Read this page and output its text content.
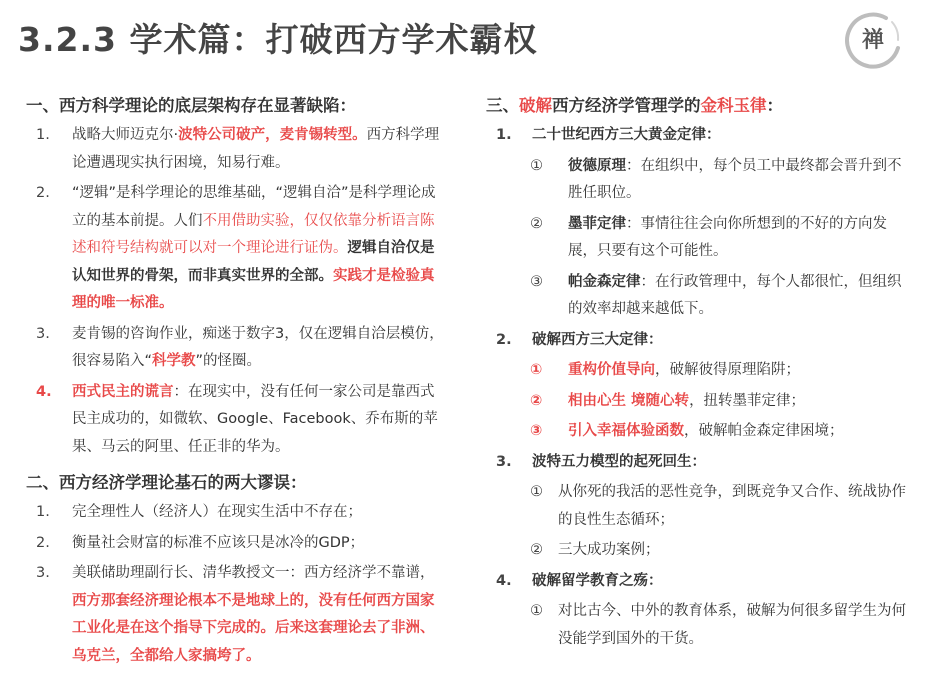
3.2.3 学术篇：打破西方学术霸权	禅
一、西方科学理论的底层架构存在显著缺陷：
1. 战略大师迈克尔·波特公司破产，麦肯锡转型。西方科学理论遭遇现实执行困境，知易行难。
2. “逻辑”是科学理论的思维基础，“逻辑自洽”是科学理论成立的基本前提。人们不用借助实验，仅仅依靠分析语言陈述和符号结构就可以对一个理论进行证伪。逻辑自洽仅是认知世界的骨架，而非真实世界的全部。实践才是检验真理的唯一标准。
3. 麦肯锡的咨询作业，痴迷于数字3，仅在逻辑自洽层模仿，很容易陷入“科学教”的怪圈。
4. 西式民主的谎言：在现实中，没有任何一家公司是靠西式民主成功的，如微软、Google、Facebook、乔布斯的苹果、马云的阿里、任正非的华为。
二、西方经济学理论基石的两大谬误：
1. 完全理性人（经济人）在现实生活中不存在；
2. 衡量社会财富的标准不应该只是冰冷的GDP；
3. 美联储助理副行长、清华教授文一：西方经济学不靠谱，西方那套经济理论根本不是地球上的，没有任何西方国家工业化是在这个指导下完成的。后来这套理论去了非洲、乌克兰，全都给人家搞垮了。
三、破解西方经济学管理学的金科玉律：
1. 二十世纪西方三大黄金定律：
① 彼德原理：在组织中，每个员工中最终都会晋升到不胜任职位。
② 墨菲定律：事情往往会向你所想到的不好的方向发展，只要有这个可能性。
③ 帕金森定律：在行政管理中，每个人都很忙，但组织的效率却越来越低下。
2. 破解西方三大定律：
① 重构价值导向，破解彼得原理陷阱；
② 相由心生 境随心转，扭转墨菲定律；
③ 引入幸福体验函数，破解帕金森定律困境；
3. 波特五力模型的起死回生：
① 从你死的我活的恶性竞争，到既竞争又合作、统战协作的良性生态循环；
② 三大成功案例；
4. 破解留学教育之殇：
① 对比古今、中外的教育体系，破解为何很多留学生为何没能学到国外的干货。
